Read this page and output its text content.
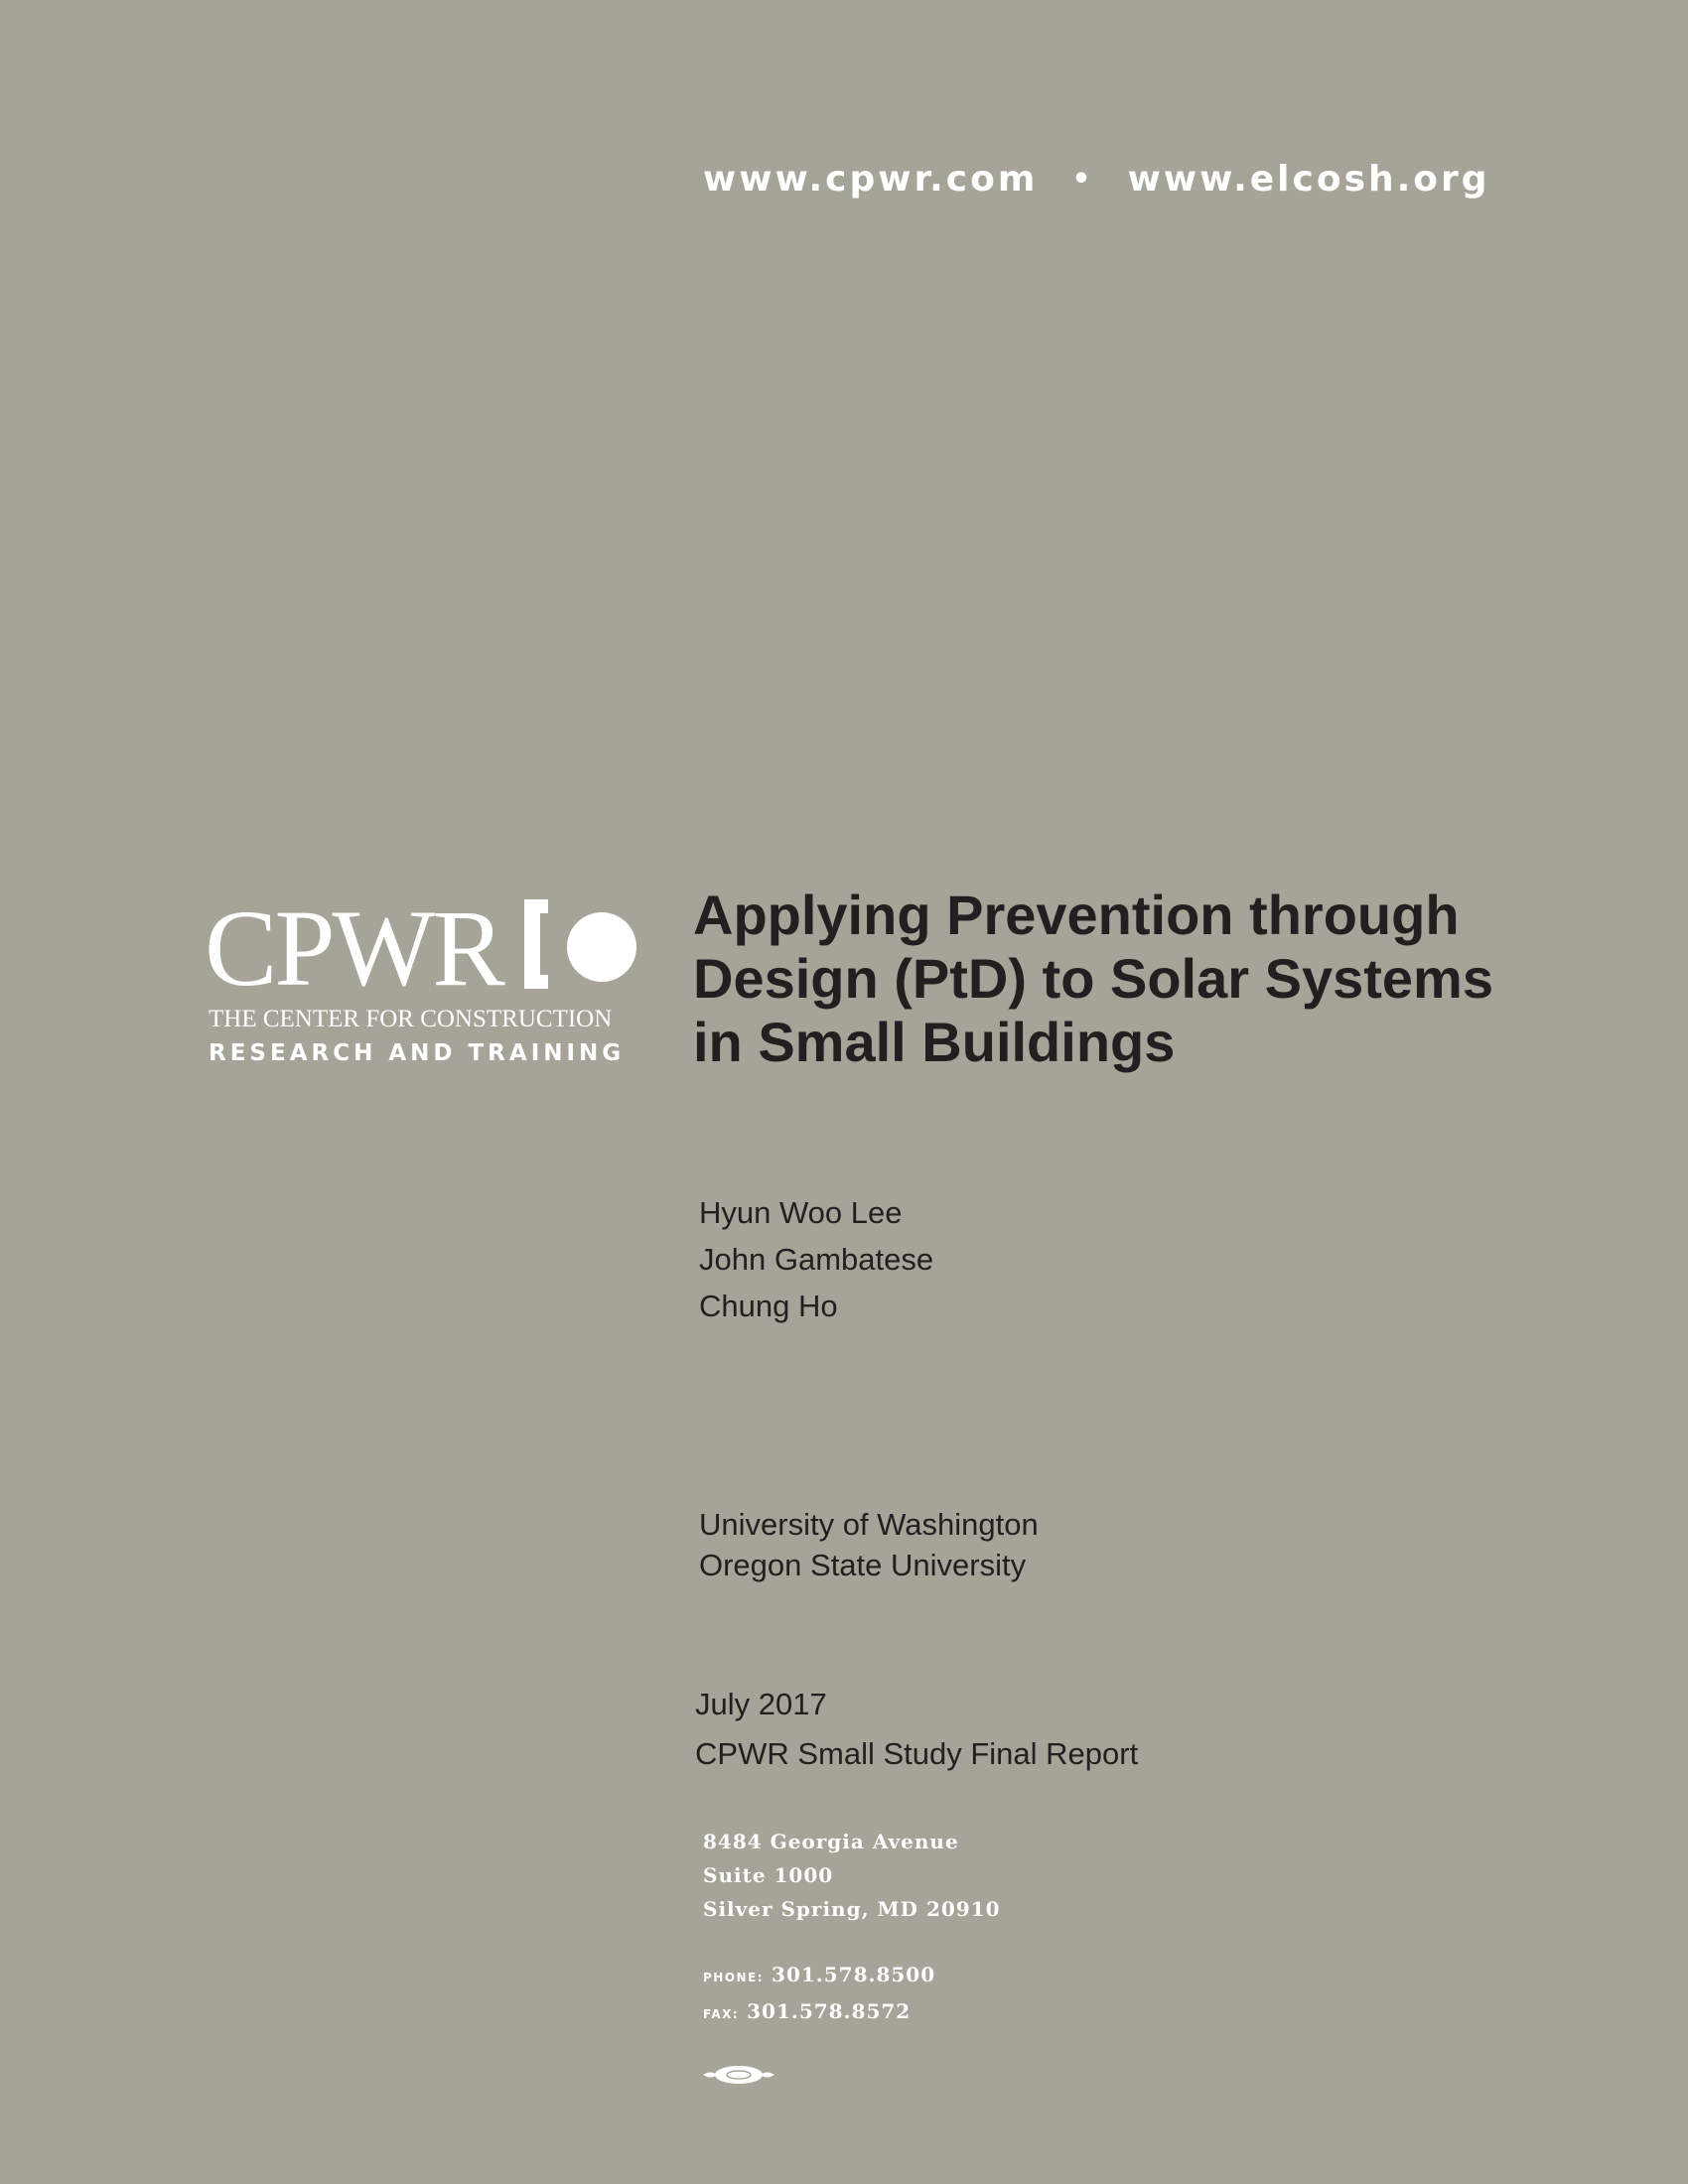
www.cpwr.com • www.elcosh.org
CPWR
THE CENTER FOR CONSTRUCTION
RESEARCH AND TRAINING
Applying Prevention through
Design (PtD) to Solar Systems
in Small Buildings
Hyun Woo Lee
John Gambatese
Chung Ho
University of Washington
Oregon State University
July 2017
CPWR Small Study Final Report
8484 Georgia Avenue
Suite 1000
Silver Spring, MD 20910
PHONE: 301.578.8500
FAX: 301.578.8572
